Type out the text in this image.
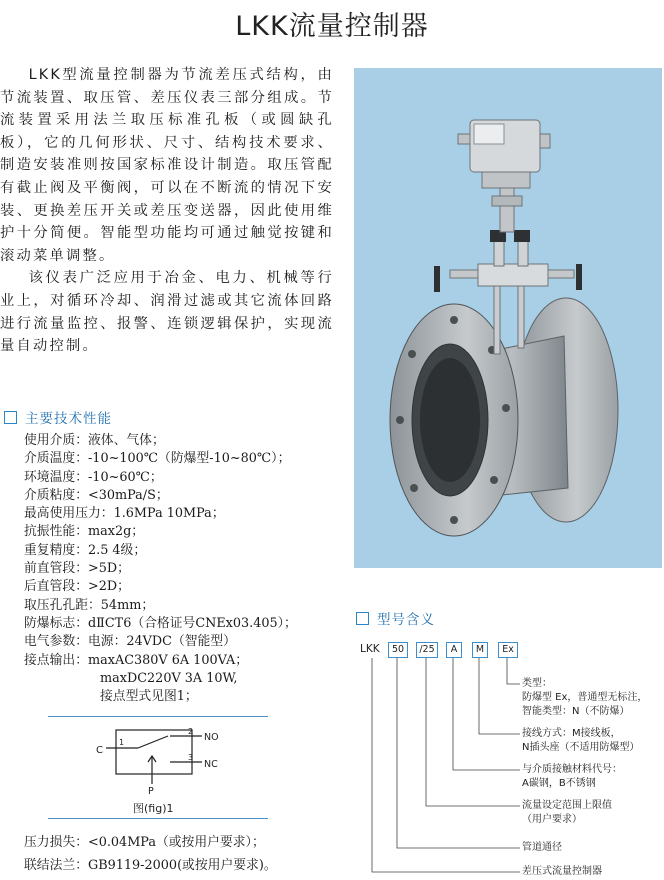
LKK流量控制器

LKK型流量控制器为节流差压式结构，由节流装置、取压管、差压仪表三部分组成。节流装置采用法兰取压标准孔板（或圆缺孔板），它的几何形状、尺寸、结构技术要求、制造安装准则按国家标准设计制造。取压管配有截止阀及平衡阀，可以在不断流的情况下安装、更换差压开关或差压变送器，因此使用维护十分简便。智能型功能均可通过触觉按键和滚动菜单调整。

该仪表广泛应用于冶金、电力、机械等行业上，对循环冷却、润滑过滤或其它流体回路进行流量监控、报警、连锁逻辑保护，实现流量自动控制。

主要技术性能
使用介质：液体、气体；
介质温度：-10~100℃（防爆型-10~80℃）；
环境温度：-10~60℃；
介质粘度：<30mPa/S；
最高使用压力：1.6MPa 10MPa；
抗振性能：max2g；
重复精度：2.5 4级；
前直管段：>5D；
后直管段：>2D；
取压孔孔距：54mm；
防爆标志：dⅡCT6（合格证号CNEx03.405）；
电气参数：电源：24VDC（智能型）
接点输出：maxAC380V 6A 100VA；
maxDC220V 3A 10W,
接点型式见图1；
C
1
2
3
NO
NC
P
图(fig)1
压力损失：<0.04MPa（或按用户要求）；
联结法兰：GB9119-2000(或按用户要求)。
型号含义
LKK	50	/25	A	M	Ex
类型：
防爆型 Ex，普通型无标注，
智能类型：N（不防爆）
接线方式：M接线板，
N插头座（不适用防爆型）
与介质接触材料代号：
A碳钢，B不锈钢
流量设定范围上限值
（用户要求）
管道通径
差压式流量控制器
